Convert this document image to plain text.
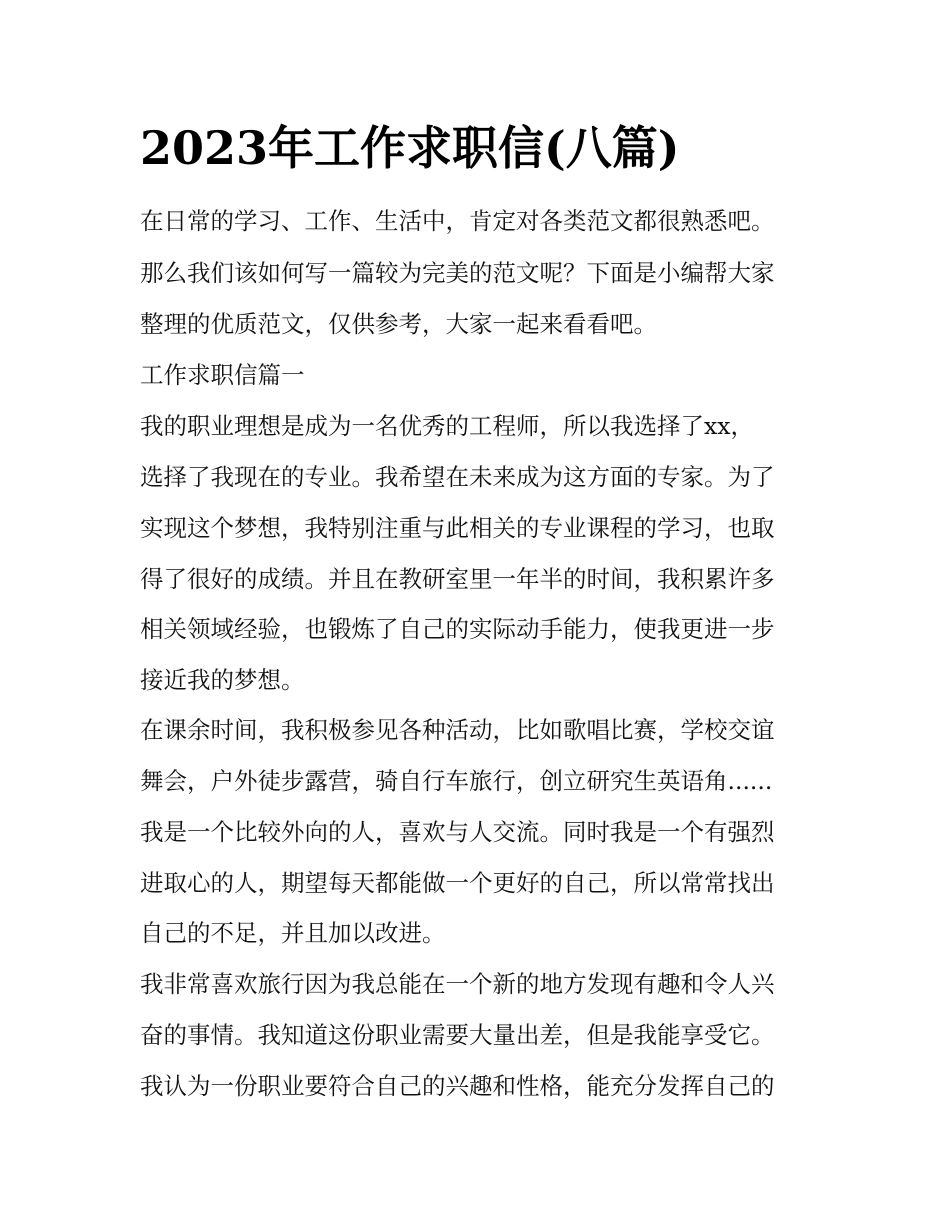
2023年工作求职信(八篇)

在日常的学习、工作、生活中，肯定对各类范文都很熟悉吧。

那么我们该如何写一篇较为完美的范文呢？下面是小编帮大家

整理的优质范文，仅供参考，大家一起来看看吧。

工作求职信篇一

我的职业理想是成为一名优秀的工程师，所以我选择了xx，

选择了我现在的专业。我希望在未来成为这方面的专家。为了

实现这个梦想，我特别注重与此相关的专业课程的学习，也取

得了很好的成绩。并且在教研室里一年半的时间，我积累许多

相关领域经验，也锻炼了自己的实际动手能力，使我更进一步

接近我的梦想。

在课余时间，我积极参见各种活动，比如歌唱比赛，学校交谊

舞会，户外徒步露营，骑自行车旅行，创立研究生英语角......

我是一个比较外向的人，喜欢与人交流。同时我是一个有强烈

进取心的人，期望每天都能做一个更好的自己，所以常常找出

自己的不足，并且加以改进。

我非常喜欢旅行因为我总能在一个新的地方发现有趣和令人兴

奋的事情。我知道这份职业需要大量出差，但是我能享受它。

我认为一份职业要符合自己的兴趣和性格，能充分发挥自己的
